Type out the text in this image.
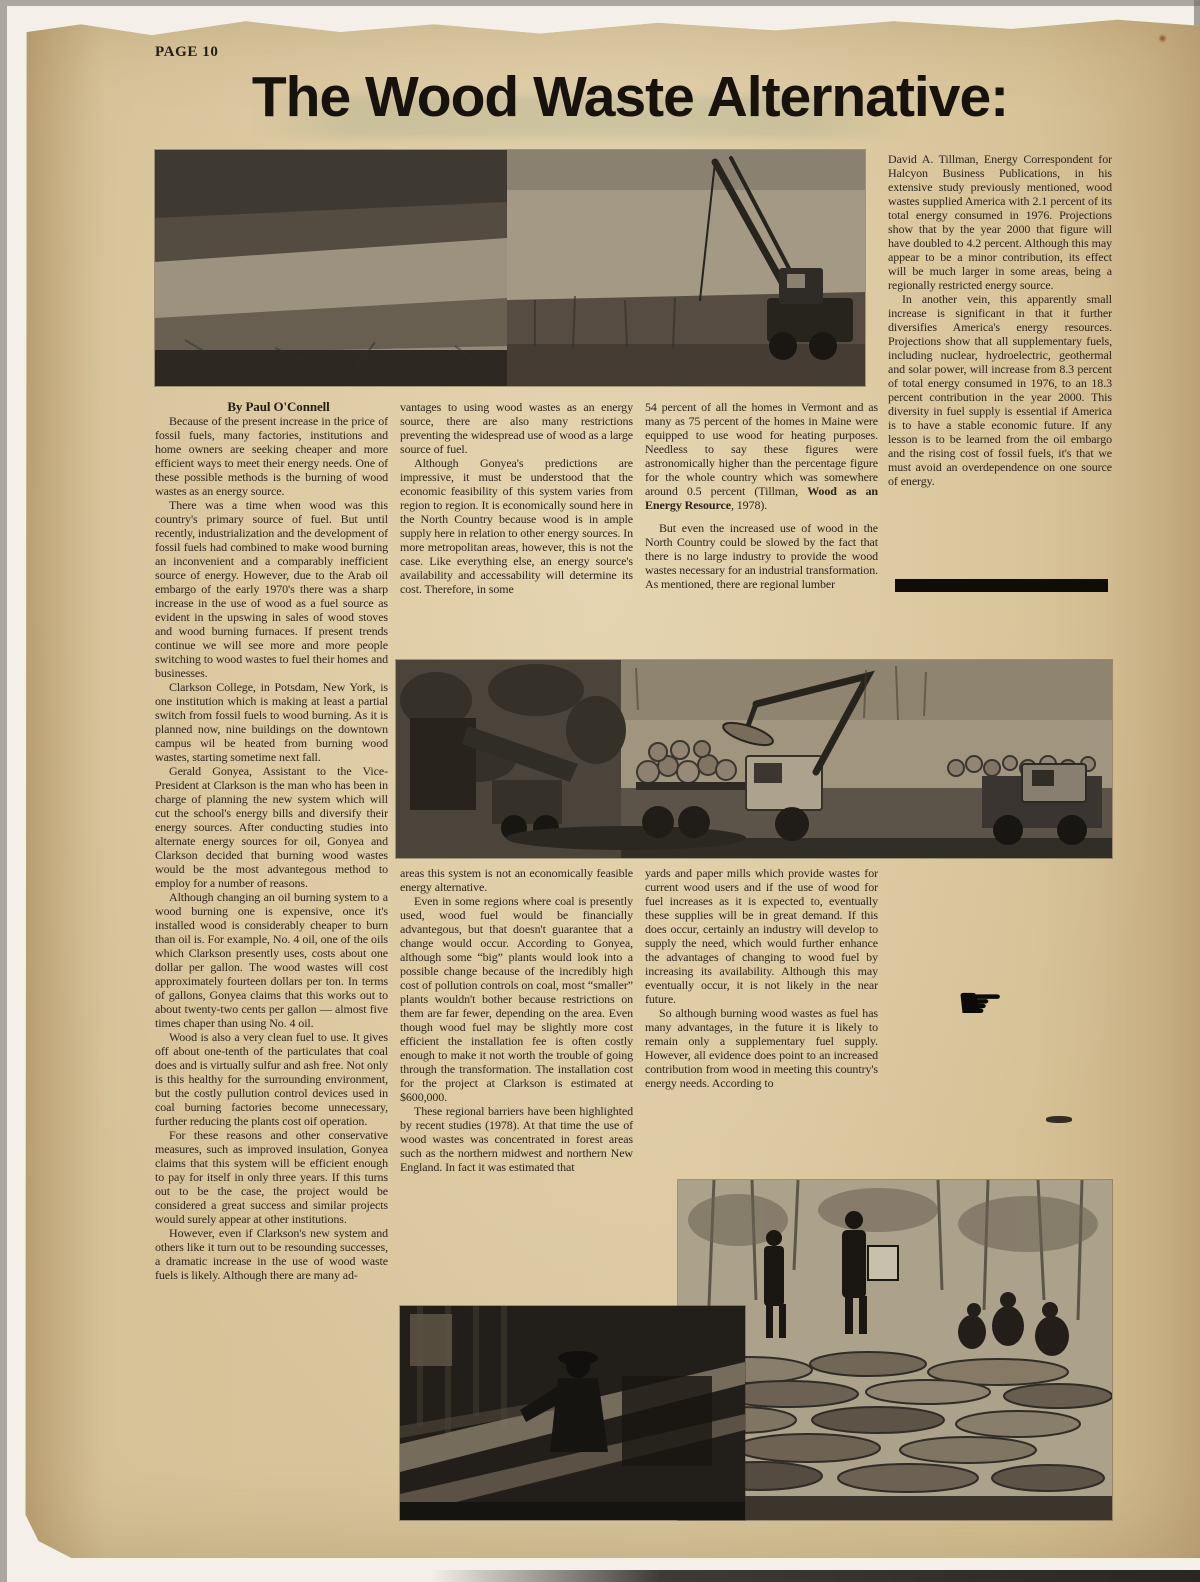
PAGE 10
The Wood Waste Alternative:

David A. Tillman, Energy Correspondent for Halcyon Business Publications, in his extensive study previously mentioned, wood wastes supplied America with 2.1 percent of its total energy consumed in 1976. Projections show that by the year 2000 that figure will have doubled to 4.2 percent. Although this may appear to be a minor contribution, its effect will be much larger in some areas, being a regionally restricted energy source.

In another vein, this apparently small increase is significant in that it further diversifies America's energy resources. Projections show that all supplementary fuels, including nuclear, hydroelectric, geothermal and solar power, will increase from 8.3 percent of total energy consumed in 1976, to an 18.3 percent contribution in the year 2000. This diversity in fuel supply is essential if America is to have a stable economic future. If any lesson is to be learned from the oil embargo and the rising cost of fossil fuels, it's that we must avoid an overdependence on one source of energy.

By Paul O'Connell

Because of the present increase in the price of fossil fuels, many factories, institutions and home owners are seeking cheaper and more efficient ways to meet their energy needs. One of these possible methods is the burning of wood wastes as an energy source.

There was a time when wood was this country's primary source of fuel. But until recently, industrialization and the development of fossil fuels had combined to make wood burning an inconvenient and a comparably inefficient source of energy. However, due to the Arab oil embargo of the early 1970's there was a sharp increase in the use of wood as a fuel source as evident in the upswing in sales of wood stoves and wood burning furnaces. If present trends continue we will see more and more people switching to wood wastes to fuel their homes and businesses.

Clarkson College, in Potsdam, New York, is one institution which is making at least a partial switch from fossil fuels to wood burning. As it is planned now, nine buildings on the downtown campus wil be heated from burning wood wastes, starting sometime next fall.

Gerald Gonyea, Assistant to the Vice-President at Clarkson is the man who has been in charge of planning the new system which will cut the school's energy bills and diversify their energy sources. After conducting studies into alternate energy sources for oil, Gonyea and Clarkson decided that burning wood wastes would be the most advantegous method to employ for a number of reasons.

Although changing an oil burning system to a wood burning one is expensive, once it's installed wood is considerably cheaper to burn than oil is. For example, No. 4 oil, one of the oils which Clarkson presently uses, costs about one dollar per gallon. The wood wastes will cost approximately fourteen dollars per ton. In terms of gallons, Gonyea claims that this works out to about twenty-two cents per gallon — almost five times chaper than using No. 4 oil.

Wood is also a very clean fuel to use. It gives off about one-tenth of the particulates that coal does and is virtually sulfur and ash free. Not only is this healthy for the surrounding environment, but the costly pullution control devices used in coal burning factories become unnecessary, further reducing the plants cost oif operation.

For these reasons and other conservative measures, such as improved insulation, Gonyea claims that this system will be efficient enough to pay for itself in only three years. If this turns out to be the case, the project would be considered a great success and similar projects would surely appear at other institutions.

However, even if Clarkson's new system and others like it turn out to be resounding successes, a dramatic increase in the use of wood waste fuels is likely. Although there are many ad-

vantages to using wood wastes as an energy source, there are also many restrictions preventing the widespread use of wood as a large source of fuel.

Although Gonyea's predictions are impressive, it must be understood that the economic feasibility of this system varies from region to region. It is economically sound here in the North Country because wood is in ample supply here in relation to other energy sources. In more metropolitan areas, however, this is not the case. Like everything else, an energy source's availability and accessability will determine its cost. Therefore, in some

54 percent of all the homes in Vermont and as many as 75 percent of the homes in Maine were equipped to use wood for heating purposes. Needless to say these figures were astronomically higher than the percentage figure for the whole country which was somewhere around 0.5 percent (Tillman, Wood as an Energy Resource, 1978).

But even the increased use of wood in the North Country could be slowed by the fact that there is no large industry to provide the wood wastes necessary for an industrial transformation. As mentioned, there are regional lumber

areas this system is not an economically feasible energy alternative.

Even in some regions where coal is presently used, wood fuel would be financially advantegous, but that doesn't guarantee that a change would occur. According to Gonyea, although some “big” plants would look into a possible change because of the incredibly high cost of pollution controls on coal, most “smaller” plants wouldn't bother because restrictions on them are far fewer, depending on the area. Even though wood fuel may be slightly more cost efficient the installation fee is often costly enough to make it not worth the trouble of going through the transformation. The installation cost for the project at Clarkson is estimated at $600,000.

These regional barriers have been highlighted by recent studies (1978). At that time the use of wood wastes was concentrated in forest areas such as the northern midwest and northern New England. In fact it was estimated that

yards and paper mills which provide wastes for current wood users and if the use of wood for fuel increases as it is expected to, eventually these supplies will be in great demand. If this does occur, certainly an industry will develop to supply the need, which would further enhance the advantages of changing to wood fuel by increasing its availability. Although this may eventually occur, it is not likely in the near future.

So although burning wood wastes as fuel has many advantages, in the future it is likely to remain only a supplementary fuel supply. However, all evidence does point to an increased contribution from wood in meeting this country's energy needs. According to

☛
